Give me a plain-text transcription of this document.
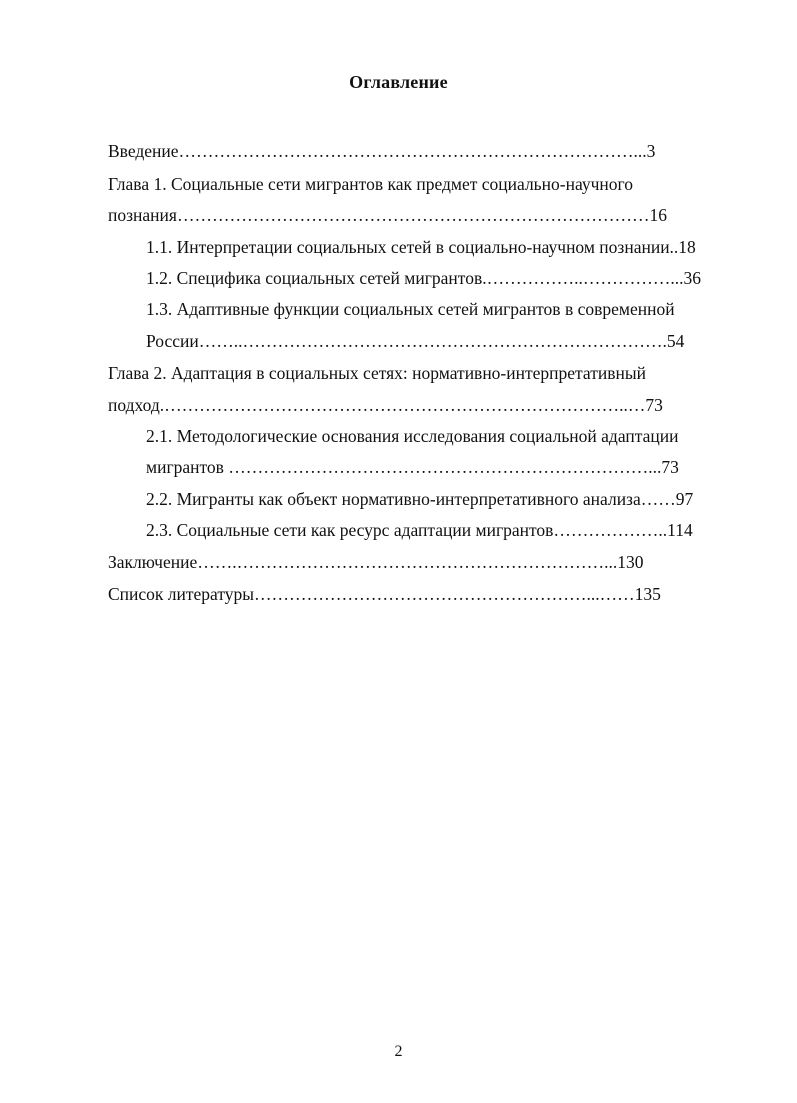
Оглавление
Введение……………………………………………………………………...3
Глава 1. Социальные сети мигрантов как предмет социально-научного
познания………………………………………………………………………16
1.1. Интерпретации социальных сетей в социально-научном познании..18
1.2. Специфика социальных сетей мигрантов.……………..……………...36
1.3. Адаптивные функции социальных сетей мигрантов в современной
России……..……………………………………………………………….54
Глава 2. Адаптация в социальных сетях: нормативно-интерпретативный
подход.……………………………………………………………………..…73
2.1. Методологические основания исследования социальной адаптации
мигрантов ………………………………………………………………...73
2.2. Мигранты как объект нормативно-интерпретативного анализа……97
2.3. Социальные сети как ресурс адаптации мигрантов………………..114
Заключение…….………………………………………………………...130
Список литературы…………………………………………………...……135
2
